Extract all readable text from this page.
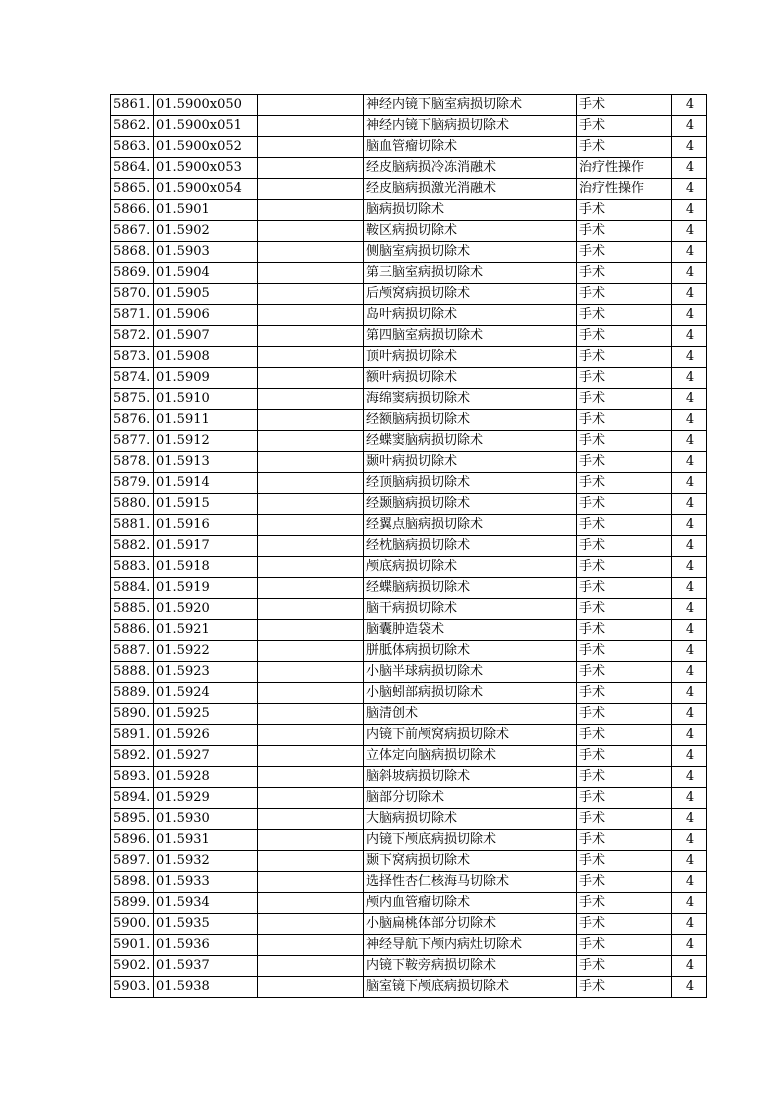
5861.	01.5900x050		神经内镜下脑室病损切除术	手术	4
5862.	01.5900x051		神经内镜下脑病损切除术	手术	4
5863.	01.5900x052		脑血管瘤切除术	手术	4
5864.	01.5900x053		经皮脑病损冷冻消融术	治疗性操作	4
5865.	01.5900x054		经皮脑病损激光消融术	治疗性操作	4
5866.	01.5901		脑病损切除术	手术	4
5867.	01.5902		鞍区病损切除术	手术	4
5868.	01.5903		侧脑室病损切除术	手术	4
5869.	01.5904		第三脑室病损切除术	手术	4
5870.	01.5905		后颅窝病损切除术	手术	4
5871.	01.5906		岛叶病损切除术	手术	4
5872.	01.5907		第四脑室病损切除术	手术	4
5873.	01.5908		顶叶病损切除术	手术	4
5874.	01.5909		额叶病损切除术	手术	4
5875.	01.5910		海绵窦病损切除术	手术	4
5876.	01.5911		经额脑病损切除术	手术	4
5877.	01.5912		经蝶窦脑病损切除术	手术	4
5878.	01.5913		颞叶病损切除术	手术	4
5879.	01.5914		经顶脑病损切除术	手术	4
5880.	01.5915		经颞脑病损切除术	手术	4
5881.	01.5916		经翼点脑病损切除术	手术	4
5882.	01.5917		经枕脑病损切除术	手术	4
5883.	01.5918		颅底病损切除术	手术	4
5884.	01.5919		经蝶脑病损切除术	手术	4
5885.	01.5920		脑干病损切除术	手术	4
5886.	01.5921		脑囊肿造袋术	手术	4
5887.	01.5922		胼胝体病损切除术	手术	4
5888.	01.5923		小脑半球病损切除术	手术	4
5889.	01.5924		小脑蚓部病损切除术	手术	4
5890.	01.5925		脑清创术	手术	4
5891.	01.5926		内镜下前颅窝病损切除术	手术	4
5892.	01.5927		立体定向脑病损切除术	手术	4
5893.	01.5928		脑斜坡病损切除术	手术	4
5894.	01.5929		脑部分切除术	手术	4
5895.	01.5930		大脑病损切除术	手术	4
5896.	01.5931		内镜下颅底病损切除术	手术	4
5897.	01.5932		颞下窝病损切除术	手术	4
5898.	01.5933		选择性杏仁核海马切除术	手术	4
5899.	01.5934		颅内血管瘤切除术	手术	4
5900.	01.5935		小脑扁桃体部分切除术	手术	4
5901.	01.5936		神经导航下颅内病灶切除术	手术	4
5902.	01.5937		内镜下鞍旁病损切除术	手术	4
5903.	01.5938		脑室镜下颅底病损切除术	手术	4
